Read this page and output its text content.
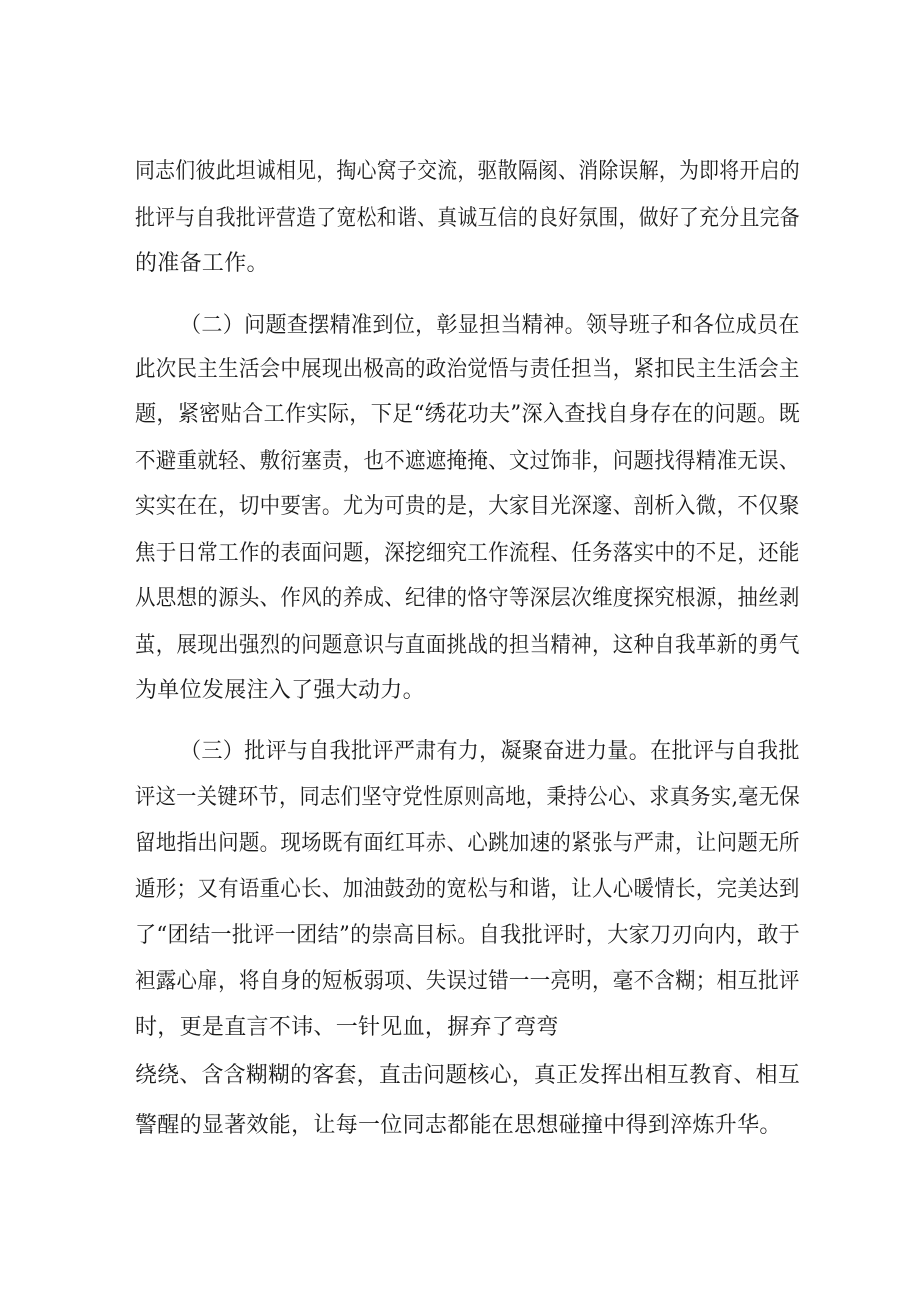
同志们彼此坦诚相见，掏心窝子交流，驱散隔阂、消除误解，为即将开启的
批评与自我批评营造了宽松和谐、真诚互信的良好氛围，做好了充分且完备
的准备工作。
（二）问题查摆精准到位，彰显担当精神。领导班子和各位成员在
此次民主生活会中展现出极高的政治觉悟与责任担当，紧扣民主生活会主
题，紧密贴合工作实际，下足“绣花功夫”深入查找自身存在的问题。既
不避重就轻、敷衍塞责，也不遮遮掩掩、文过饰非，问题找得精准无误、
实实在在，切中要害。尤为可贵的是，大家目光深邃、剖析入微，不仅聚
焦于日常工作的表面问题，深挖细究工作流程、任务落实中的不足，还能
从思想的源头、作风的养成、纪律的恪守等深层次维度探究根源，抽丝剥
茧，展现出强烈的问题意识与直面挑战的担当精神，这种自我革新的勇气
为单位发展注入了强大动力。
（三）批评与自我批评严肃有力，凝聚奋进力量。在批评与自我批
评这一关键环节，同志们坚守党性原则高地，秉持公心、求真务实,毫无保
留地指出问题。现场既有面红耳赤、心跳加速的紧张与严肃，让问题无所
遁形；又有语重心长、加油鼓劲的宽松与和谐，让人心暖情长，完美达到
了“团结一批评一团结”的崇高目标。自我批评时，大家刀刃向内，敢于
袒露心扉，将自身的短板弱项、失误过错一一亮明，毫不含糊；相互批评
时，更是直言不讳、一针见血，摒弃了弯弯
绕绕、含含糊糊的客套，直击问题核心，真正发挥出相互教育、相互
警醒的显著效能，让每一位同志都能在思想碰撞中得到淬炼升华。
